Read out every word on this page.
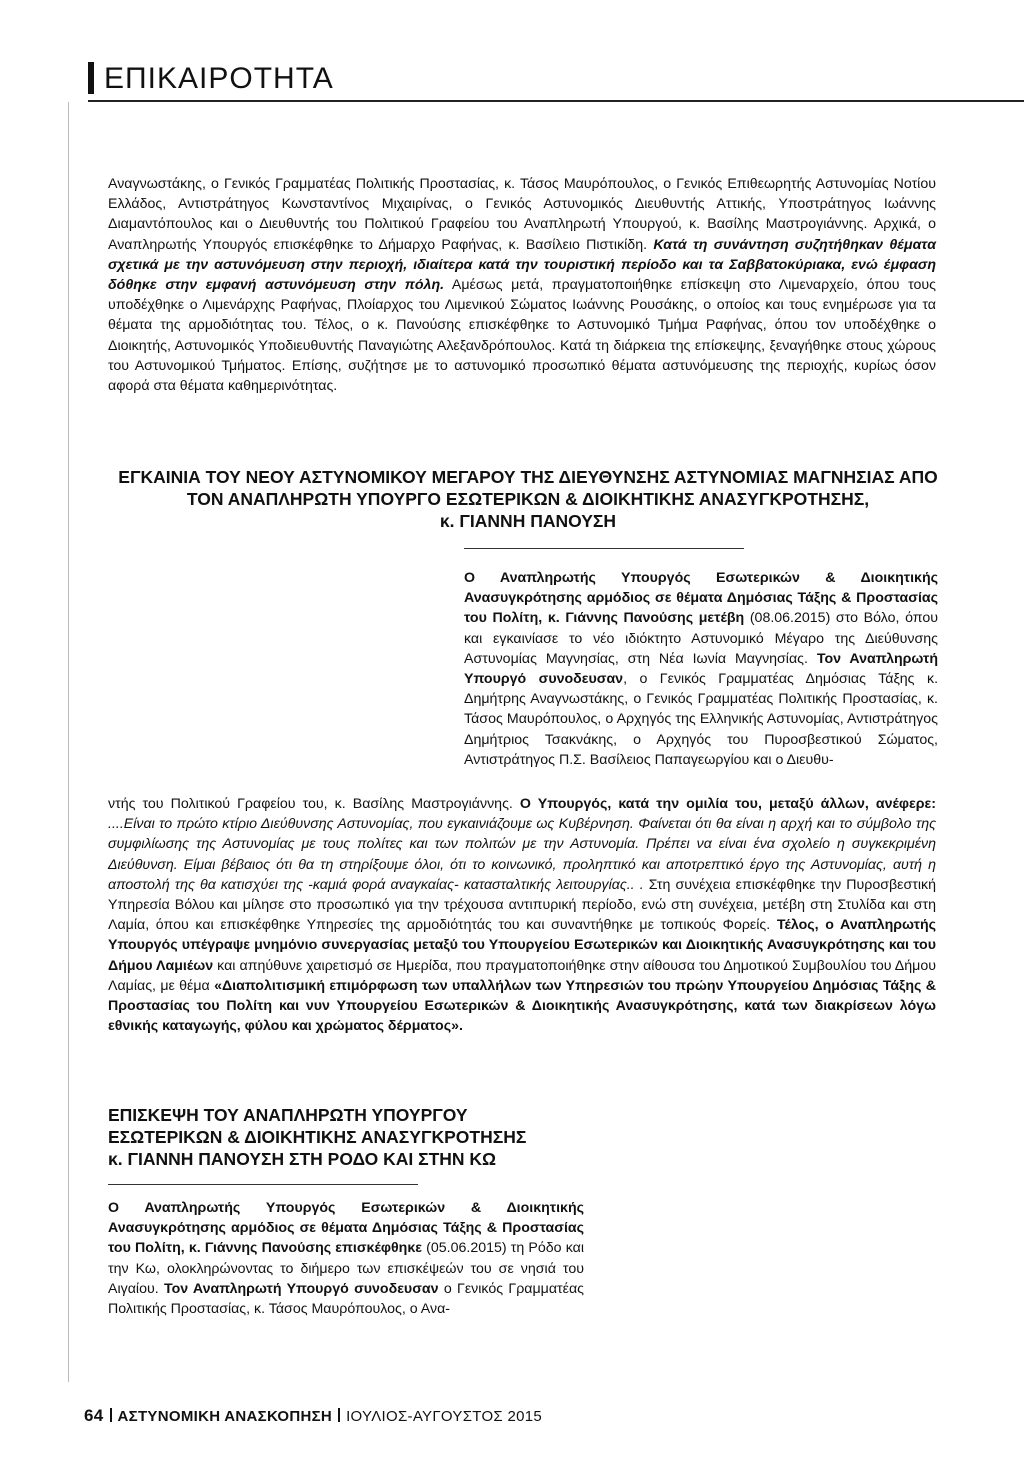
ΕΠΙΚΑΙΡΟΤΗΤΑ
Αναγνωστάκης, ο Γενικός Γραμματέας Πολιτικής Προστασίας, κ. Τάσος Μαυρόπουλος, ο Γενικός Επιθεωρητής Αστυνομίας Νοτίου Ελλάδος, Αντιστράτηγος Κωνσταντίνος Μιχαιρίνας, ο Γενικός Αστυνομικός Διευθυντής Αττικής, Υποστράτηγος Ιωάννης Διαμαντόπουλος και ο Διευθυντής του Πολιτικού Γραφείου του Αναπληρωτή Υπουργού, κ. Βασίλης Μαστρογιάννης. Αρχικά, ο Αναπληρωτής Υπουργός επισκέφθηκε το Δήμαρχο Ραφήνας, κ. Βασίλειο Πιστικίδη. Κατά τη συνάντηση συζητήθηκαν θέματα σχετικά με την αστυνόμευση στην περιοχή, ιδιαίτερα κατά την τουριστική περίοδο και τα Σαββατοκύριακα, ενώ έμφαση δόθηκε στην εμφανή αστυνόμευση στην πόλη. Αμέσως μετά, πραγματοποιήθηκε επίσκεψη στο Λιμεναρχείο, όπου τους υποδέχθηκε ο Λιμενάρχης Ραφήνας, Πλοίαρχος του Λιμενικού Σώματος Ιωάννης Ρουσάκης, ο οποίος και τους ενημέρωσε για τα θέματα της αρμοδιότητας του. Τέλος, ο κ. Πανούσης επισκέφθηκε το Αστυνομικό Τμήμα Ραφήνας, όπου τον υποδέχθηκε ο Διοικητής, Αστυνομικός Υποδιευθυντής Παναγιώτης Αλεξανδρόπουλος. Κατά τη διάρκεια της επίσκεψης, ξεναγήθηκε στους χώρους του Αστυνομικού Τμήματος. Επίσης, συζήτησε με το αστυνομικό προσωπικό θέματα αστυνόμευσης της περιοχής, κυρίως όσον αφορά στα θέματα καθημερινότητας.
ΕΓΚΑΙΝΙΑ ΤΟΥ ΝΕΟΥ ΑΣΤΥΝΟΜΙΚΟΥ ΜΕΓΑΡΟΥ ΤΗΣ ΔΙΕΥΘΥΝΣΗΣ ΑΣΤΥΝΟΜΙΑΣ ΜΑΓΝΗΣΙΑΣ ΑΠΟ
ΤΟΝ ΑΝΑΠΛΗΡΩΤΗ ΥΠΟΥΡΓΟ ΕΣΩΤΕΡΙΚΩΝ & ΔΙΟΙΚΗΤΙΚΗΣ ΑΝΑΣΥΓΚΡΟΤΗΣΗΣ,
κ. ΓΙΑΝΝΗ ΠΑΝΟΥΣΗ
Ο Αναπληρωτής Υπουργός Εσωτερικών & Διοικητικής Ανασυγκρότησης αρμόδιος σε θέματα Δημόσιας Τάξης & Προστασίας του Πολίτη, κ. Γιάννης Πανούσης μετέβη (08.06.2015) στο Βόλο, όπου και εγκαινίασε το νέο ιδιόκτητο Αστυνομικό Μέγαρο της Διεύθυνσης Αστυνομίας Μαγνησίας, στη Νέα Ιωνία Μαγνησίας. Τον Αναπληρωτή Υπουργό συνοδευσαν, ο Γενικός Γραμματέας Δημόσιας Τάξης κ. Δημήτρης Αναγνωστάκης, ο Γενικός Γραμματέας Πολιτικής Προστασίας, κ. Τάσος Μαυρόπουλος, ο Αρχηγός της Ελληνικής Αστυνομίας, Αντιστράτηγος Δημήτριος Τσακνάκης, ο Αρχηγός του Πυροσβεστικού Σώματος, Αντιστράτηγος Π.Σ. Βασίλειος Παπαγεωργίου και ο Διευθυ-
ντής του Πολιτικού Γραφείου του, κ. Βασίλης Μαστρογιάννης. Ο Υπουργός, κατά την ομιλία του, μεταξύ άλλων, ανέφερε: ....Είναι το πρώτο κτίριο Διεύθυνσης Αστυνομίας, που εγκαινιάζουμε ως Κυβέρνηση. Φαίνεται ότι θα είναι η αρχή και το σύμβολο της συμφιλίωσης της Αστυνομίας με τους πολίτες και των πολιτών με την Αστυνομία. Πρέπει να είναι ένα σχολείο η συγκεκριμένη Διεύθυνση. Είμαι βέβαιος ότι θα τη στηρίξουμε όλοι, ότι το κοινωνικό, προληπτικό και αποτρεπτικό έργο της Αστυνομίας, αυτή η αποστολή της θα κατισχύει της -καμιά φορά αναγκαίας- κατασταλτικής λειτουργίας.. . Στη συνέχεια επισκέφθηκε την Πυροσβεστική Υπηρεσία Βόλου και μίλησε στο προσωπικό για την τρέχουσα αντιπυρική περίοδο, ενώ στη συνέχεια, μετέβη στη Στυλίδα και στη Λαμία, όπου και επισκέφθηκε Υπηρεσίες της αρμοδιότητάς του και συναντήθηκε με τοπικούς Φορείς. Τέλος, ο Αναπληρωτής Υπουργός υπέγραψε μνημόνιο συνεργασίας μεταξύ του Υπουργείου Εσωτερικών και Διοικητικής Ανασυγκρότησης και του Δήμου Λαμιέων και απηύθυνε χαιρετισμό σε Ημερίδα, που πραγματοποιήθηκε στην αίθουσα του Δημοτικού Συμβουλίου του Δήμου Λαμίας, με θέμα «Διαπολιτισμική επιμόρφωση των υπαλλήλων των Υπηρεσιών του πρώην Υπουργείου Δημόσιας Τάξης & Προστασίας του Πολίτη και νυν Υπουργείου Εσωτερικών & Διοικητικής Ανασυγκρότησης, κατά των διακρίσεων λόγω εθνικής καταγωγής, φύλου και χρώματος δέρματος».
ΕΠΙΣΚΕΨΗ ΤΟΥ ΑΝΑΠΛΗΡΩΤΗ ΥΠΟΥΡΓΟΥ
ΕΣΩΤΕΡΙΚΩΝ & ΔΙΟΙΚΗΤΙΚΗΣ ΑΝΑΣΥΓΚΡΟΤΗΣΗΣ
κ. ΓΙΑΝΝΗ ΠΑΝΟΥΣΗ ΣΤΗ ΡΟΔΟ ΚΑΙ ΣΤΗΝ ΚΩ
Ο Αναπληρωτής Υπουργός Εσωτερικών & Διοικητικής Ανασυγκρότησης αρμόδιος σε θέματα Δημόσιας Τάξης & Προστασίας του Πολίτη, κ. Γιάννης Πανούσης επισκέφθηκε (05.06.2015) τη Ρόδο και την Κω, ολοκληρώνοντας το διήμερο των επισκέψεών του σε νησιά του Αιγαίου. Τον Αναπληρωτή Υπουργό συνοδευσαν ο Γενικός Γραμματέας Πολιτικής Προστασίας, κ. Τάσος Μαυρόπουλος, ο Ανα-
64 ΑΣΤΥΝΟΜΙΚΗ ΑΝΑΣΚΟΠΗΣΗ ΙΟΥΛΙΟΣ-ΑΥΓΟΥΣΤΟΣ 2015
